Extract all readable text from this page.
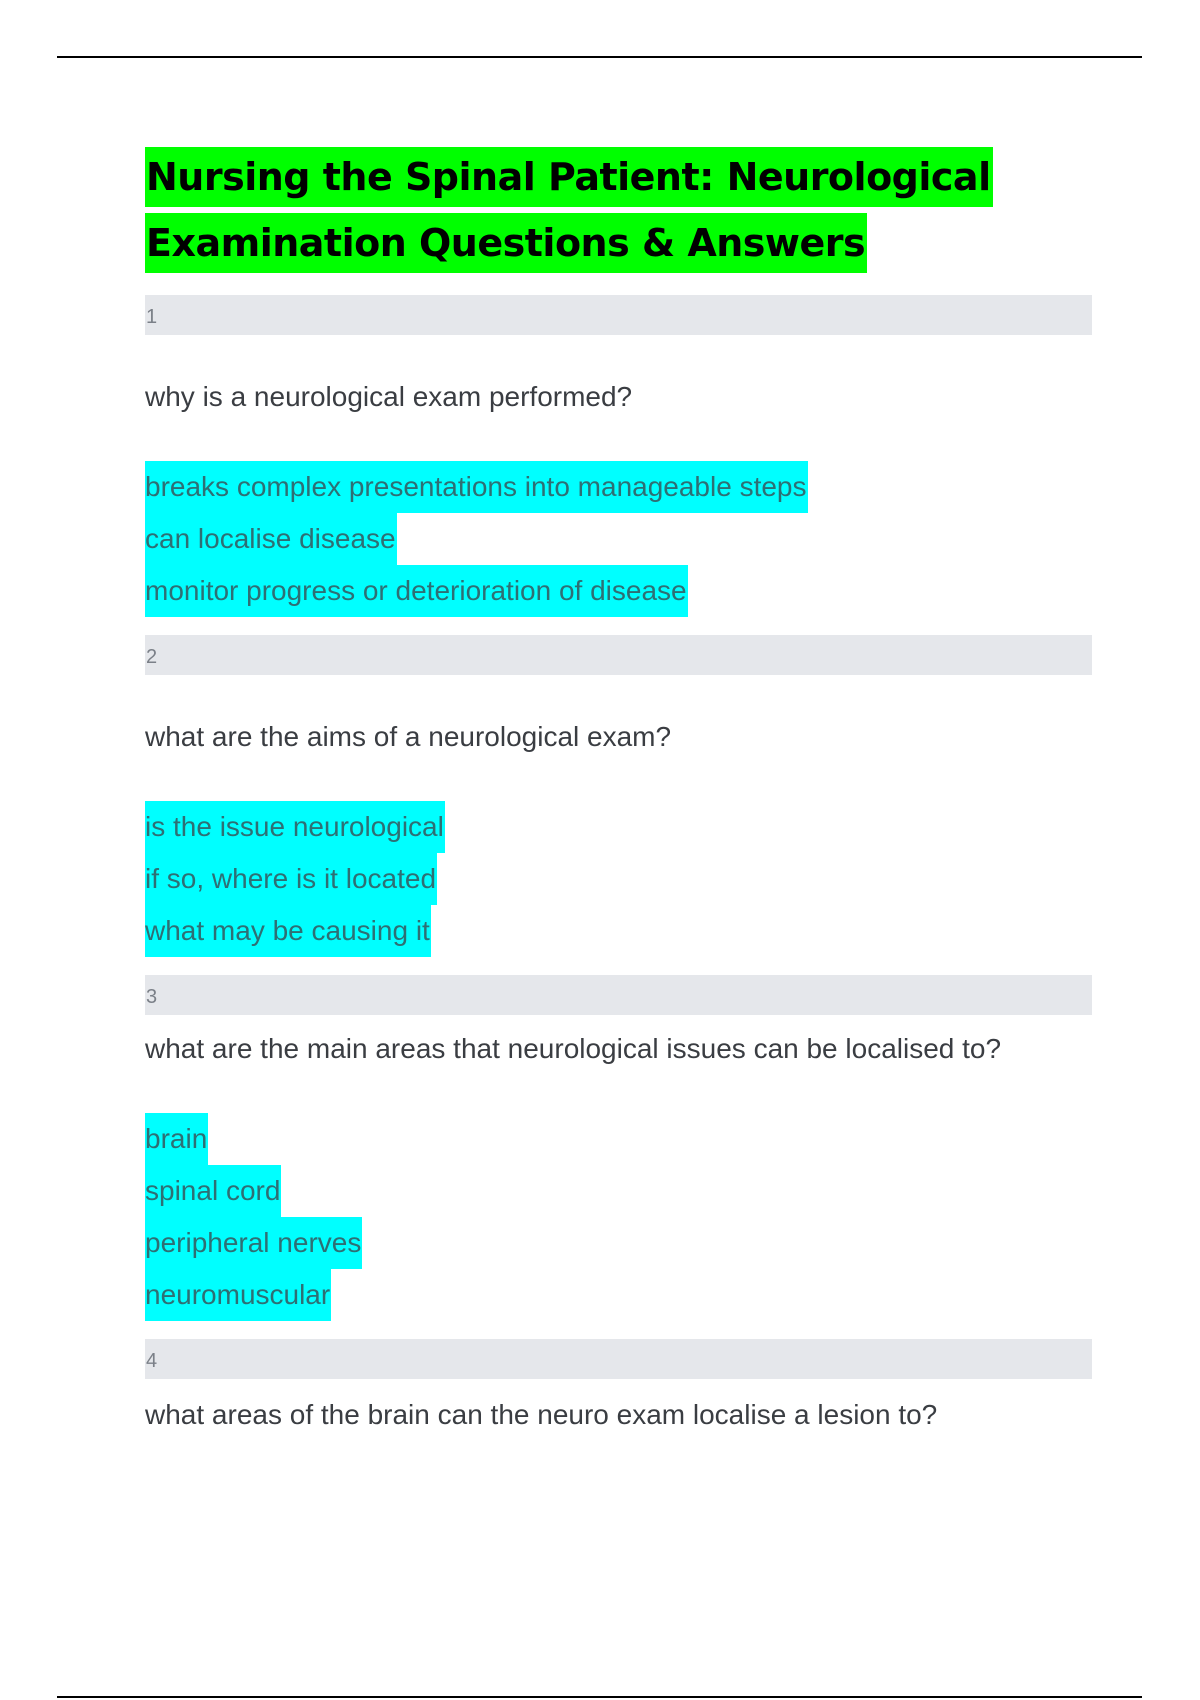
Nursing the Spinal Patient: Neurological
Examination Questions & Answers
1
why is a neurological exam performed?
breaks complex presentations into manageable steps
can localise disease
monitor progress or deterioration of disease
2
what are the aims of a neurological exam?
is the issue neurological
if so, where is it located
what may be causing it
3
what are the main areas that neurological issues can be localised to?
brain
spinal cord
peripheral nerves
neuromuscular
4
what areas of the brain can the neuro exam localise a lesion to?
